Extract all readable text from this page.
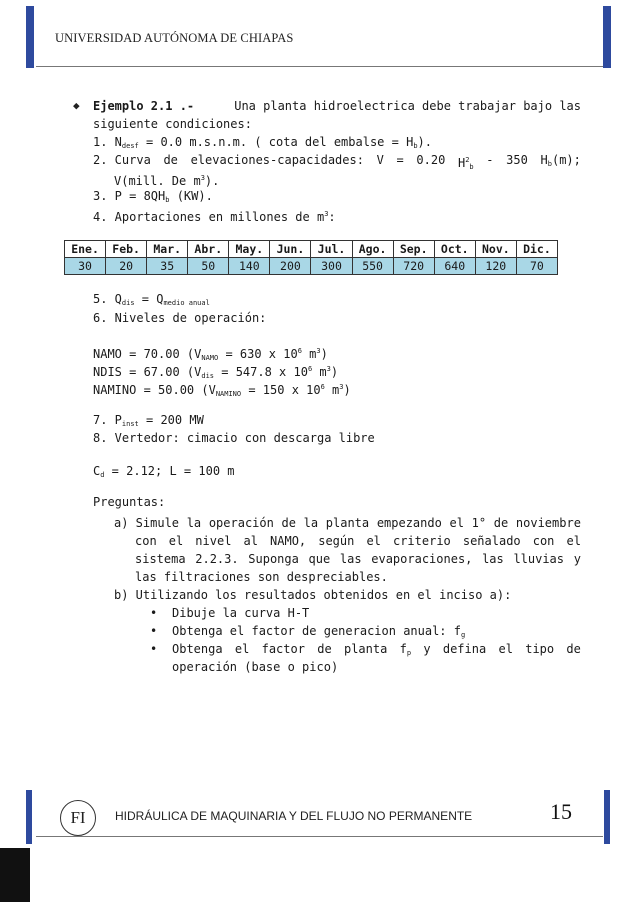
UNIVERSIDAD AUTÓNOMA DE CHIAPAS
◆ Ejemplo 2.1 .-	Una planta hidroelectrica debe trabajar bajo las
siguiente condiciones:
1. $N_{desf} = 0.0$ m.s.n.m. ( cota del embalse = $H_b$).
2. Curva de elevaciones-capacidades: V = 0.20 $H^2_b - 350$ $H_b(m)$;
V(mill. De $m^3$).
3. $P = 8QH_b$ (KW).
4. Aportaciones en millones de $m^3$:
Ene.	Feb.	Mar.	Abr.	May.	Jun.	Jul.	Ago.	Sep.	Oct.	Nov.	Dic.
30	20	35	50	140	200	300	550	720	640	120	70
5. $Q_{dis} = Q_{medio anual}$
6. Niveles de operación:
NAMO = 70.00 ($V_{NAMO} = 630$ x $10^6$ $m^3$)
NDIS = 67.00 ($V_{dis} = 547.8$ x $10^6$ $m^3$)
NAMINO = 50.00 ($V_{NAMINO} = 150$ x $10^6$ $m^3$)
7. $P_{inst} = 200$ MW
8. Vertedor: cimacio con descarga libre
$C_d = 2.12$; L = 100 m
Preguntas:
a) Simule la operación de la planta empezando el 1° de noviembre
con el nivel al NAMO, según el criterio señalado con el
sistema 2.2.3. Suponga que las evaporaciones, las lluvias y
las filtraciones son despreciables.
b) Utilizando los resultados obtenidos en el inciso a):
• Dibuje la curva H-T
• Obtenga el factor de generacion anual: $f_g$
• Obtenga el factor de planta $f_p$ y defina el tipo de
operación (base o pico)
FI	HIDRÁULICA DE MAQUINARIA Y DEL FLUJO NO PERMANENTE	15
